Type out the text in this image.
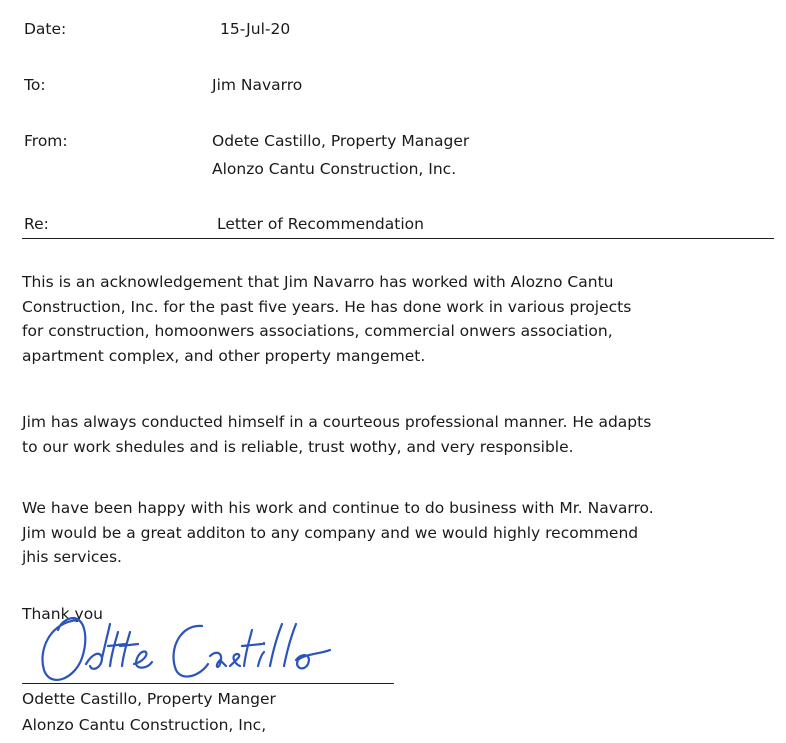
Date:	15-Jul-20
To:	Jim Navarro
From:	Odete Castillo, Property Manager
Alonzo Cantu Construction, Inc.
Re:	Letter of Recommendation
This is an acknowledgement that Jim Navarro has worked with Alozno Cantu
Construction, Inc. for the past five years. He has done work in various projects
for construction, homoonwers associations, commercial onwers association,
apartment complex, and other property mangemet.
Jim has always conducted himself in a courteous professional manner. He adapts
to our work shedules and is reliable, trust wothy, and very responsible.
We have been happy with his work and continue to do business with Mr. Navarro.
Jim would be a great additon to any company and we would highly recommend
jhis services.
Thank you
Odette Castillo, Property Manger
Alonzo Cantu Construction, Inc,
